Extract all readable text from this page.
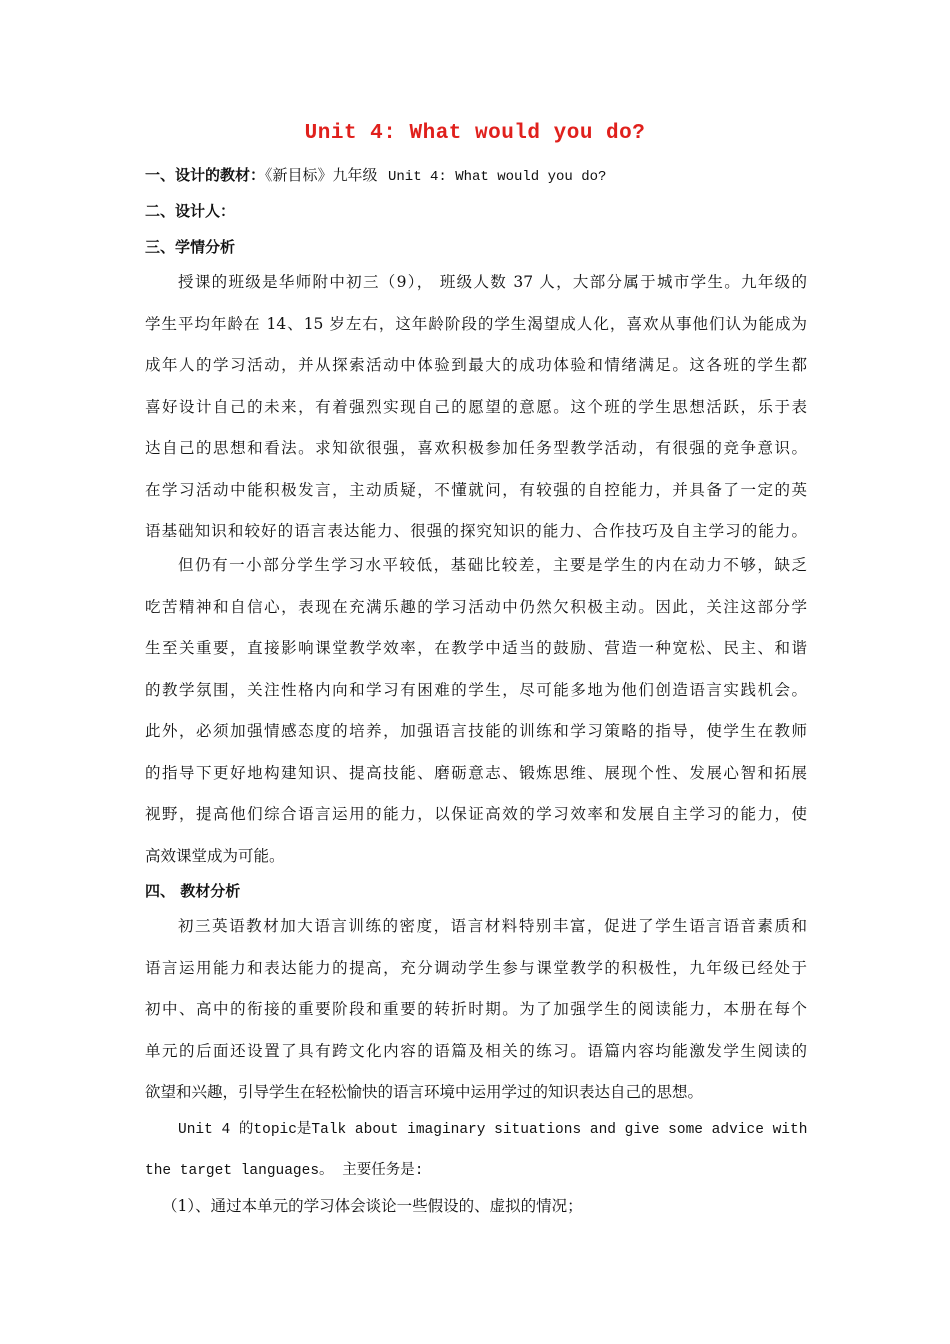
Unit 4: What would you do?
一、设计的教材：《新目标》九年级 Unit 4: What would you do?
二、设计人：
三、学情分析
授课的班级是华师附中初三（9）， 班级人数 37 人，大部分属于城市学生。九年级的
学生平均年龄在 14、15 岁左右，这年龄阶段的学生渴望成人化，喜欢从事他们认为能成为
成年人的学习活动，并从探索活动中体验到最大的成功体验和情绪满足。这各班的学生都
喜好设计自己的未来，有着强烈实现自己的愿望的意愿。这个班的学生思想活跃，乐于表
达自己的思想和看法。求知欲很强，喜欢积极参加任务型教学活动，有很强的竞争意识。
在学习活动中能积极发言，主动质疑，不懂就问，有较强的自控能力，并具备了一定的英
语基础知识和较好的语言表达能力、很强的探究知识的能力、合作技巧及自主学习的能力。
但仍有一小部分学生学习水平较低，基础比较差，主要是学生的内在动力不够，缺乏
吃苦精神和自信心，表现在充满乐趣的学习活动中仍然欠积极主动。因此，关注这部分学
生至关重要，直接影响课堂教学效率，在教学中适当的鼓励、营造一种宽松、民主、和谐
的教学氛围，关注性格内向和学习有困难的学生，尽可能多地为他们创造语言实践机会。
此外，必须加强情感态度的培养，加强语言技能的训练和学习策略的指导，使学生在教师
的指导下更好地构建知识、提高技能、磨砺意志、锻炼思维、展现个性、发展心智和拓展
视野，提高他们综合语言运用的能力，以保证高效的学习效率和发展自主学习的能力，使
高效课堂成为可能。
四、 教材分析
初三英语教材加大语言训练的密度，语言材料特别丰富，促进了学生语言语音素质和
语言运用能力和表达能力的提高，充分调动学生参与课堂教学的积极性，九年级已经处于
初中、高中的衔接的重要阶段和重要的转折时期。为了加强学生的阅读能力，本册在每个
单元的后面还设置了具有跨文化内容的语篇及相关的练习。语篇内容均能激发学生阅读的
欲望和兴趣，引导学生在轻松愉快的语言环境中运用学过的知识表达自己的思想。
Unit 4 的topic是Talk about imaginary situations and give some advice with
the target languages。 主要任务是:
（1）、通过本单元的学习体会谈论一些假设的、虚拟的情况；
